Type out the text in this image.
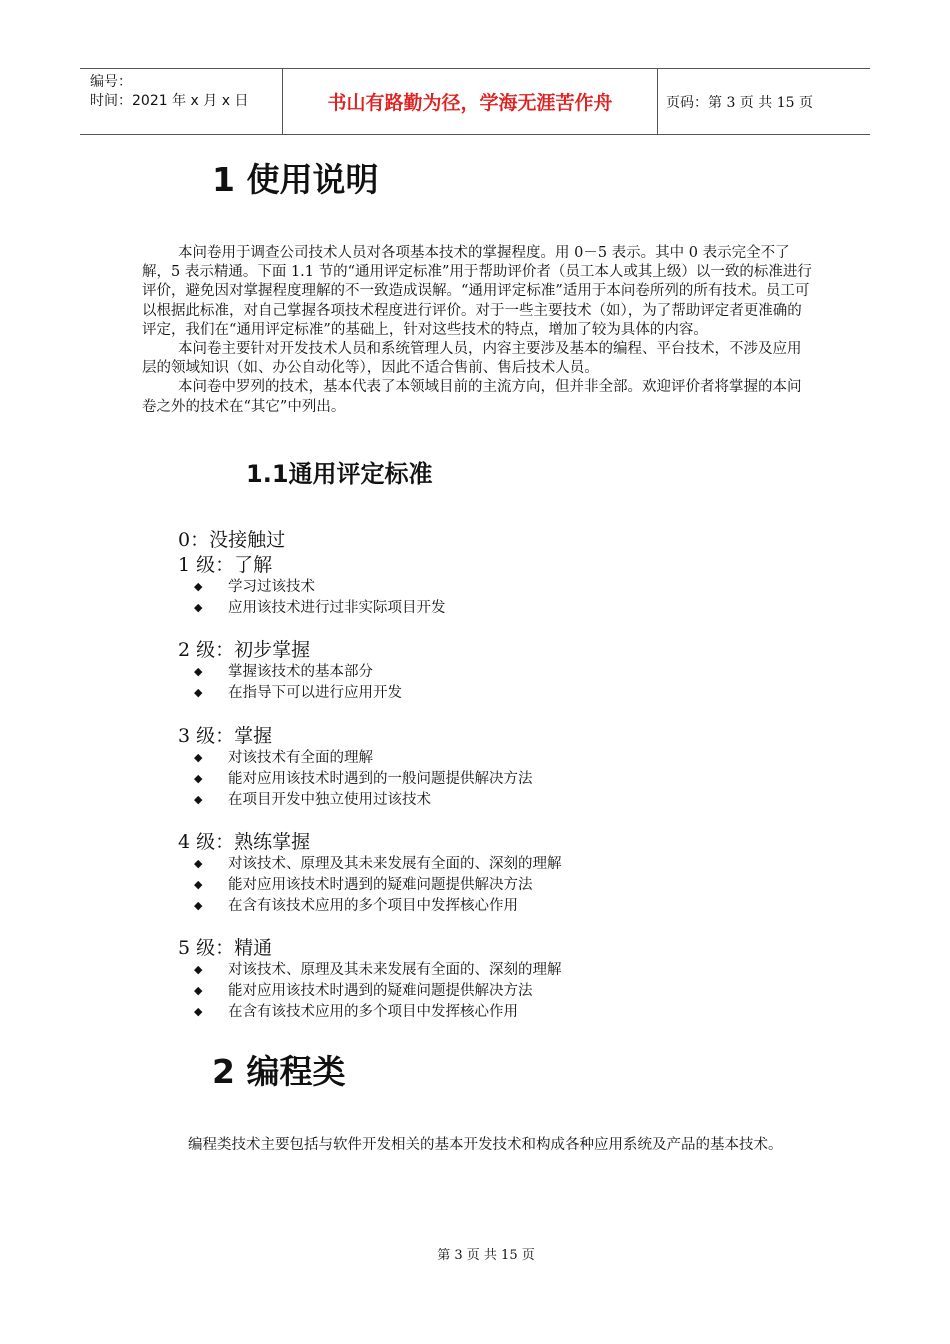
编号：
时间：2021 年 x 月 x 日	书山有路勤为径，学海无涯苦作舟	页码：第 3 页 共 15 页
1 使用说明

本问卷用于调查公司技术人员对各项基本技术的掌握程度。用 0－5 表示。其中 0 表示完全不了解，5 表示精通。下面 1.1 节的“通用评定标准”用于帮助评价者（员工本人或其上级）以一致的标准进行评价，避免因对掌握程度理解的不一致造成误解。“通用评定标准”适用于本问卷所列的所有技术。员工可以根据此标准，对自己掌握各项技术程度进行评价。对于一些主要技术（如），为了帮助评定者更准确的评定，我们在“通用评定标准”的基础上，针对这些技术的特点，增加了较为具体的内容。

本问卷主要针对开发技术人员和系统管理人员，内容主要涉及基本的编程、平台技术，不涉及应用层的领域知识（如、办公自动化等），因此不适合售前、售后技术人员。

本问卷中罗列的技术，基本代表了本领域目前的主流方向，但并非全部。欢迎评价者将掌握的本问卷之外的技术在“其它”中列出。

1.1通用评定标准
0：没接触过
1 级：了解
◆	学习过该技术
◆	应用该技术进行过非实际项目开发
2 级：初步掌握
◆	掌握该技术的基本部分
◆	在指导下可以进行应用开发
3 级：掌握
◆	对该技术有全面的理解
◆	能对应用该技术时遇到的一般问题提供解决方法
◆	在项目开发中独立使用过该技术
4 级：熟练掌握
◆	对该技术、原理及其未来发展有全面的、深刻的理解
◆	能对应用该技术时遇到的疑难问题提供解决方法
◆	在含有该技术应用的多个项目中发挥核心作用
5 级：精通
◆	对该技术、原理及其未来发展有全面的、深刻的理解
◆	能对应用该技术时遇到的疑难问题提供解决方法
◆	在含有该技术应用的多个项目中发挥核心作用
2 编程类

编程类技术主要包括与软件开发相关的基本开发技术和构成各种应用系统及产品的基本技术。

第 3 页 共 15 页
